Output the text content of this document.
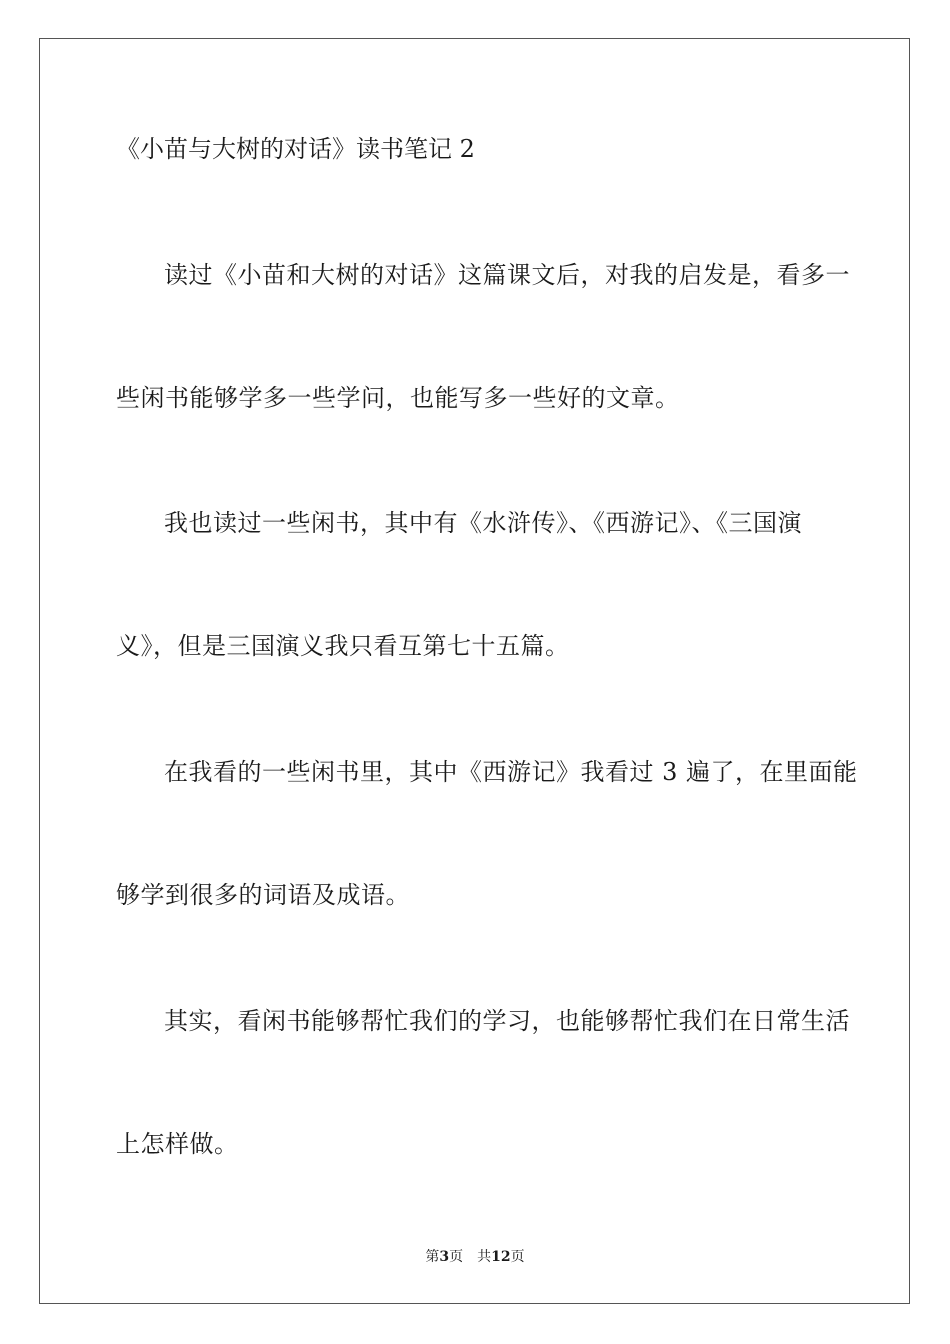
《小苗与大树的对话》读书笔记 2
读过《小苗和大树的对话》这篇课文后，对我的启发是，看多一
些闲书能够学多一些学问，也能写多一些好的文章。
我也读过一些闲书，其中有《水浒传》、《西游记》、《三国演
义》，但是三国演义我只看互第七十五篇。
在我看的一些闲书里，其中《西游记》我看过 3 遍了，在里面能
够学到很多的词语及成语。
其实，看闲书能够帮忙我们的学习，也能够帮忙我们在日常生活
上怎样做。
第3页 共12页
